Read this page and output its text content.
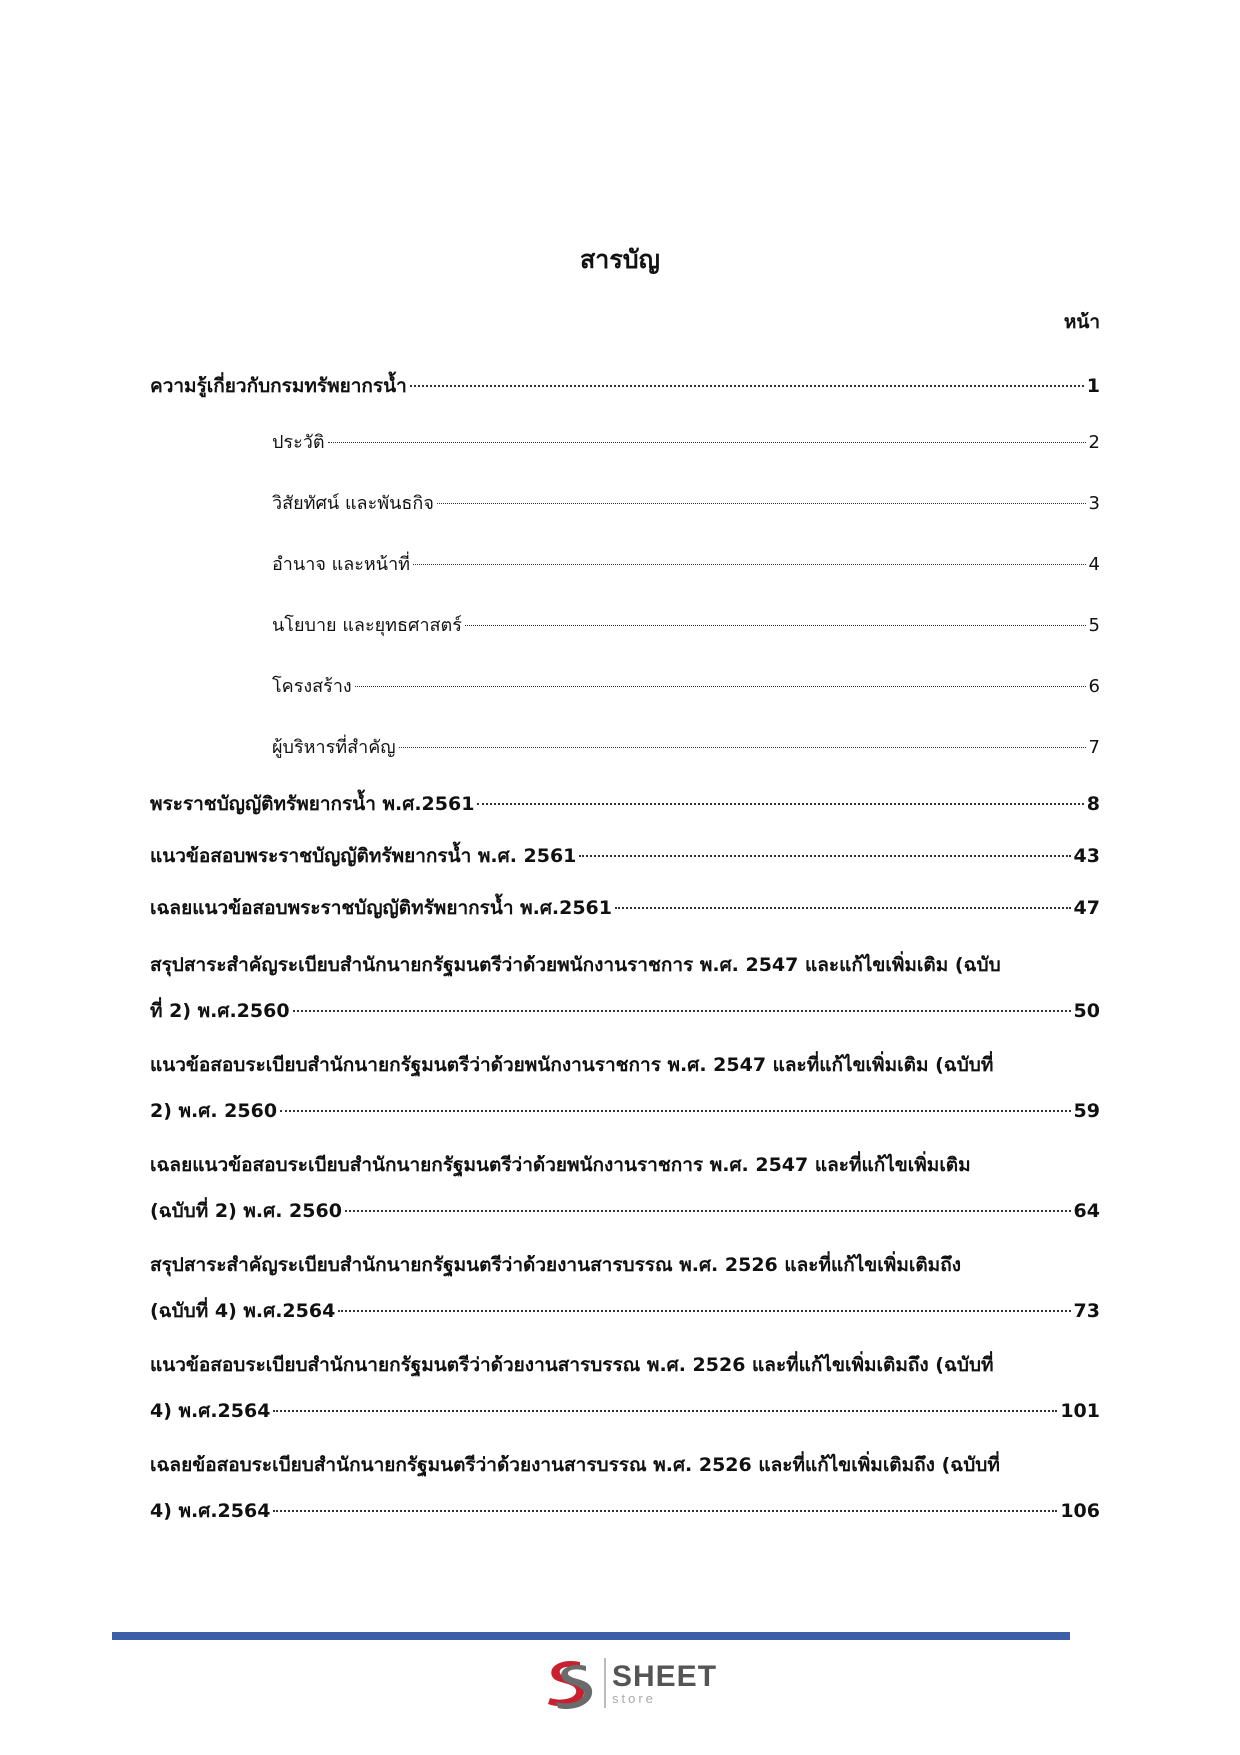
สารบัญ
หน้า
ความรู้เกี่ยวกับกรมทรัพยากรน้ำ	1
ประวัติ	2
วิสัยทัศน์ และพันธกิจ	3
อำนาจ และหน้าที่	4
นโยบาย และยุทธศาสตร์	5
โครงสร้าง	6
ผู้บริหารที่สำคัญ	7
พระราชบัญญัติทรัพยากรน้ำ พ.ศ.2561	8
แนวข้อสอบพระราชบัญญัติทรัพยากรน้ำ พ.ศ. 2561	43
เฉลยแนวข้อสอบพระราชบัญญัติทรัพยากรน้ำ พ.ศ.2561	47
สรุปสาระสำคัญระเบียบสำนักนายกรัฐมนตรีว่าด้วยพนักงานราชการ พ.ศ. 2547 และแก้ไขเพิ่มเติม (ฉบับ
ที่ 2) พ.ศ.2560	50
แนวข้อสอบระเบียบสำนักนายกรัฐมนตรีว่าด้วยพนักงานราชการ พ.ศ. 2547 และที่แก้ไขเพิ่มเติม (ฉบับที่
2) พ.ศ. 2560	59
เฉลยแนวข้อสอบระเบียบสำนักนายกรัฐมนตรีว่าด้วยพนักงานราชการ พ.ศ. 2547 และที่แก้ไขเพิ่มเติม
(ฉบับที่ 2) พ.ศ. 2560	64
สรุปสาระสำคัญระเบียบสำนักนายกรัฐมนตรีว่าด้วยงานสารบรรณ พ.ศ. 2526 และที่แก้ไขเพิ่มเติมถึง
(ฉบับที่ 4) พ.ศ.2564	73
แนวข้อสอบระเบียบสำนักนายกรัฐมนตรีว่าด้วยงานสารบรรณ พ.ศ. 2526 และที่แก้ไขเพิ่มเติมถึง (ฉบับที่
4) พ.ศ.2564	101
เฉลยข้อสอบระเบียบสำนักนายกรัฐมนตรีว่าด้วยงานสารบรรณ พ.ศ. 2526 และที่แก้ไขเพิ่มเติมถึง (ฉบับที่
4) พ.ศ.2564	106
SHEET
store
